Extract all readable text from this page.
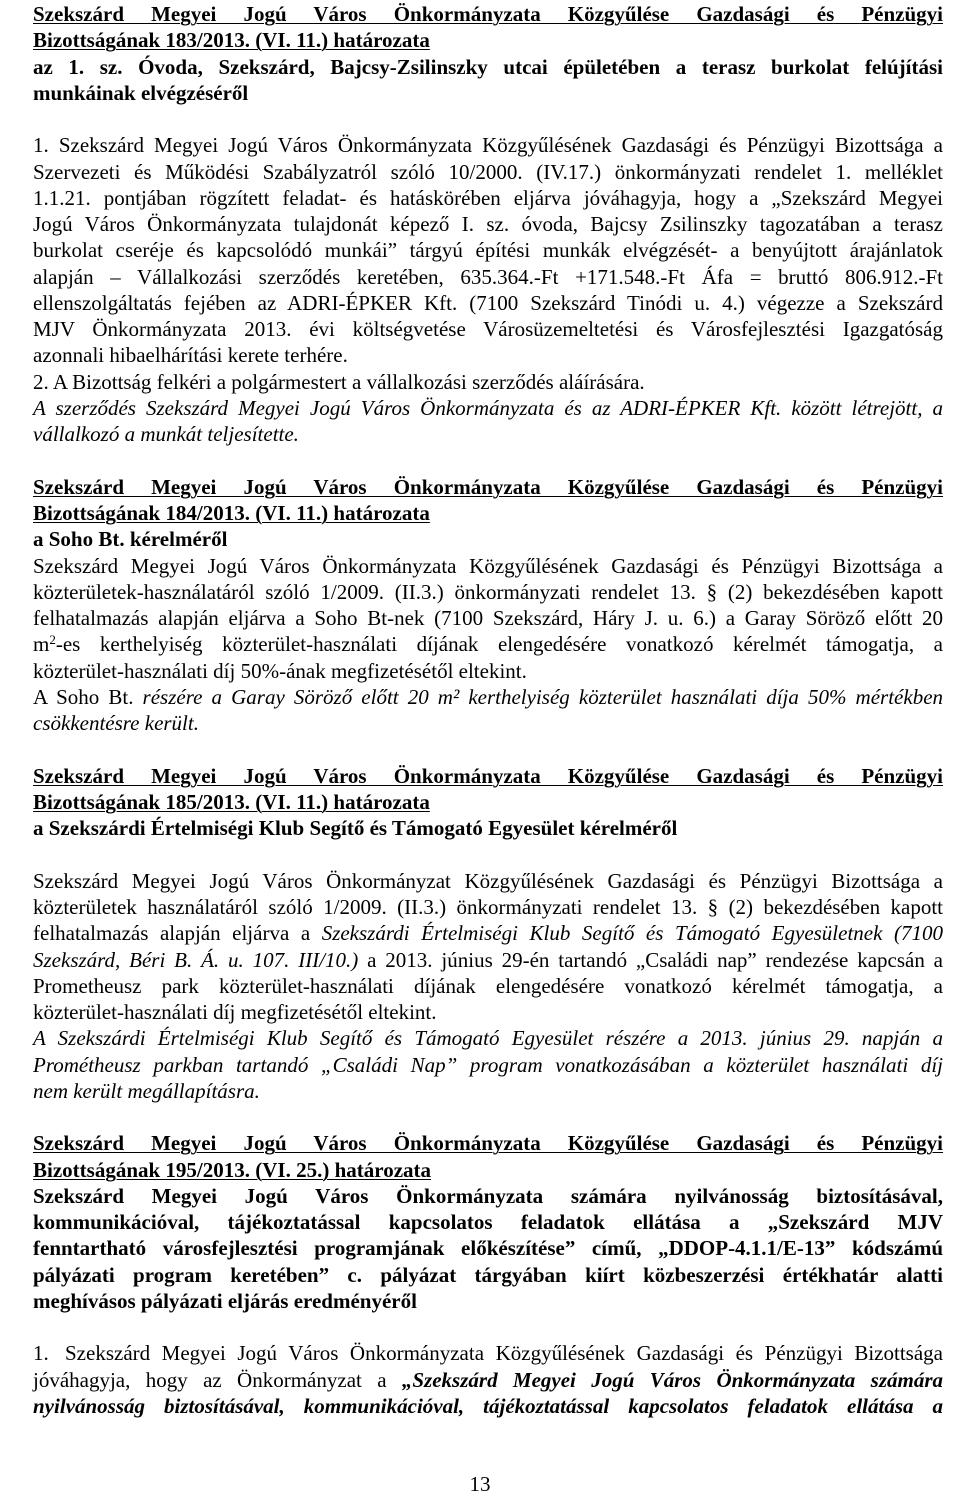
Szekszárd Megyei Jogú Város Önkormányzata Közgyűlése Gazdasági és Pénzügyi
Bizottságának 183/2013. (VI. 11.) határozata
az 1. sz. Óvoda, Szekszárd, Bajcsy-Zsilinszky utcai épületében a terasz burkolat felújítási
munkáinak elvégzéséről
1. Szekszárd Megyei Jogú Város Önkormányzata Közgyűlésének Gazdasági és Pénzügyi Bizottsága a
Szervezeti és Működési Szabályzatról szóló 10/2000. (IV.17.) önkormányzati rendelet 1. melléklet
1.1.21. pontjában rögzített feladat- és hatáskörében eljárva jóváhagyja, hogy a „Szekszárd Megyei
Jogú Város Önkormányzata tulajdonát képező I. sz. óvoda, Bajcsy Zsilinszky tagozatában a terasz
burkolat cseréje és kapcsolódó munkái” tárgyú építési munkák elvégzését- a benyújtott árajánlatok
alapján – Vállalkozási szerződés keretében, 635.364.-Ft +171.548.-Ft Áfa = bruttó 806.912.-Ft
ellenszolgáltatás fejében az ADRI-ÉPKER Kft. (7100 Szekszárd Tinódi u. 4.) végezze a Szekszárd
MJV Önkormányzata 2013. évi költségvetése Városüzemeltetési és Városfejlesztési Igazgatóság
azonnali hibaelhárítási kerete terhére.
2. A Bizottság felkéri a polgármestert a vállalkozási szerződés aláírására.
A szerződés Szekszárd Megyei Jogú Város Önkormányzata és az ADRI-ÉPKER Kft. között létrejött, a
vállalkozó a munkát teljesítette.
Szekszárd Megyei Jogú Város Önkormányzata Közgyűlése Gazdasági és Pénzügyi
Bizottságának 184/2013. (VI. 11.) határozata
a Soho Bt. kérelméről
Szekszárd Megyei Jogú Város Önkormányzata Közgyűlésének Gazdasági és Pénzügyi Bizottsága a
közterületek-használatáról szóló 1/2009. (II.3.) önkormányzati rendelet 13. § (2) bekezdésében kapott
felhatalmazás alapján eljárva a Soho Bt-nek (7100 Szekszárd, Háry J. u. 6.) a Garay Söröző előtt 20
$m^2-es$ kerthelyiség közterület-használati díjának elengedésére vonatkozó kérelmét támogatja, a
közterület-használati díj 50%-ának megfizetésétől eltekint.
A Soho Bt. részére a Garay Söröző előtt 20 m² kerthelyiség közterület használati díja 50% mértékben
csökkentésre került.
Szekszárd Megyei Jogú Város Önkormányzata Közgyűlése Gazdasági és Pénzügyi
Bizottságának 185/2013. (VI. 11.) határozata
a Szekszárdi Értelmiségi Klub Segítő és Támogató Egyesület kérelméről
Szekszárd Megyei Jogú Város Önkormányzat Közgyűlésének Gazdasági és Pénzügyi Bizottsága a
közterületek használatáról szóló 1/2009. (II.3.) önkormányzati rendelet 13. § (2) bekezdésében kapott
felhatalmazás alapján eljárva a Szekszárdi Értelmiségi Klub Segítő és Támogató Egyesületnek (7100
Szekszárd, Béri B. Á. u. 107. III/10.) a 2013. június 29-én tartandó „Családi nap” rendezése kapcsán a
Prometheusz park közterület-használati díjának elengedésére vonatkozó kérelmét támogatja, a
közterület-használati díj megfizetésétől eltekint.
A Szekszárdi Értelmiségi Klub Segítő és Támogató Egyesület részére a 2013. június 29. napján a
Prométheusz parkban tartandó „Családi Nap” program vonatkozásában a közterület használati díj
nem került megállapításra.
Szekszárd Megyei Jogú Város Önkormányzata Közgyűlése Gazdasági és Pénzügyi
Bizottságának 195/2013. (VI. 25.) határozata
Szekszárd Megyei Jogú Város Önkormányzata számára nyilvánosság biztosításával,
kommunikációval, tájékoztatással kapcsolatos feladatok ellátása a „Szekszárd MJV
fenntartható városfejlesztési programjának előkészítése” című, „DDOP-4.1.1/E-13” kódszámú
pályázati program keretében” c. pályázat tárgyában kiírt közbeszerzési értékhatár alatti
meghívásos pályázati eljárás eredményéről
1. Szekszárd Megyei Jogú Város Önkormányzata Közgyűlésének Gazdasági és Pénzügyi Bizottsága
jóváhagyja, hogy az Önkormányzat a „Szekszárd Megyei Jogú Város Önkormányzata számára
nyilvánosság biztosításával, kommunikációval, tájékoztatással kapcsolatos feladatok ellátása a
13
